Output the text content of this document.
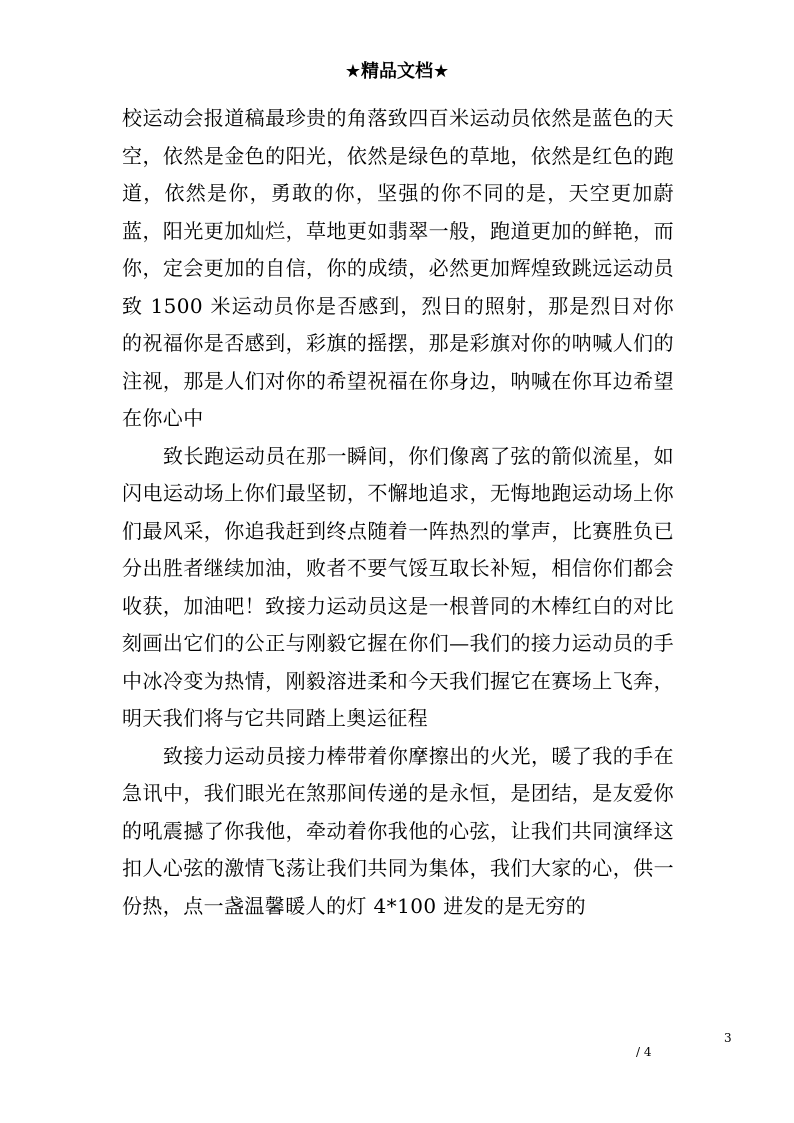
★精品文档★

校运动会报道稿最珍贵的角落致四百米运动员依然是蓝色的天空，依然是金色的阳光，依然是绿色的草地，依然是红色的跑道，依然是你，勇敢的你，坚强的你不同的是，天空更加蔚蓝，阳光更加灿烂，草地更如翡翠一般，跑道更加的鲜艳，而你，定会更加的自信，你的成绩，必然更加辉煌致跳远运动员致 1500 米运动员你是否感到，烈日的照射，那是烈日对你的祝福你是否感到，彩旗的摇摆，那是彩旗对你的呐喊人们的注视，那是人们对你的希望祝福在你身边，呐喊在你耳边希望在你心中

致长跑运动员在那一瞬间，你们像离了弦的箭似流星，如闪电运动场上你们最坚韧，不懈地追求，无悔地跑运动场上你们最风采，你追我赶到终点随着一阵热烈的掌声，比赛胜负已分出胜者继续加油，败者不要气馁互取长补短，相信你们都会收获，加油吧！致接力运动员这是一根普同的木棒红白的对比刻画出它们的公正与刚毅它握在你们—我们的接力运动员的手中冰冷变为热情，刚毅溶进柔和今天我们握它在赛场上飞奔，明天我们将与它共同踏上奥运征程

致接力运动员接力棒带着你摩擦出的火光，暖了我的手在急讯中，我们眼光在煞那间传递的是永恒，是团结，是友爱你的吼震撼了你我他，牵动着你我他的心弦，让我们共同演绎这扣人心弦的激情飞荡让我们共同为集体，我们大家的心，供一份热，点一盏温馨暖人的灯 4*100 进发的是无穷的

3
/ 4
